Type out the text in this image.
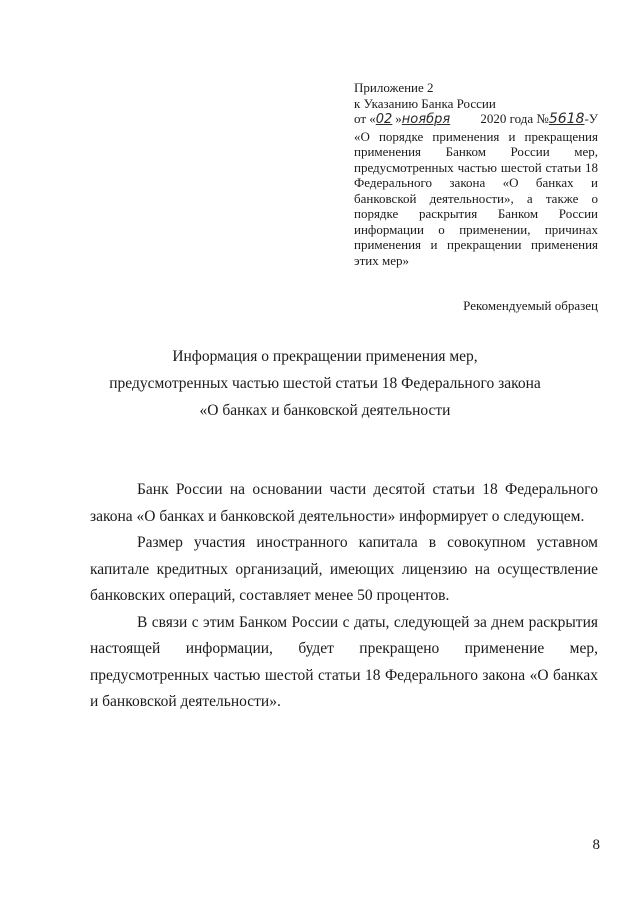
Приложение 2
к Указанию Банка России
от « 02 » ноября	2020 года № 5618 -У
«О порядке применения и прекращения применения Банком России мер, предусмотренных частью шестой статьи 18 Федерального закона «О банках и банковской деятельности», а также о порядке раскрытия Банком России информации о применении, причинах применения и прекращении применения этих мер»
Рекомендуемый образец
Информация о прекращении применения мер,
предусмотренных частью шестой статьи 18 Федерального закона
«О банках и банковской деятельности

Банк России на основании части десятой статьи 18 Федерального закона «О банках и банковской деятельности» информирует о следующем.

Размер участия иностранного капитала в совокупном уставном капитале кредитных организаций, имеющих лицензию на осуществление банковских операций, составляет менее 50 процентов.

В связи с этим Банком России с даты, следующей за днем раскрытия настоящей информации, будет прекращено применение мер, предусмотренных частью шестой статьи 18 Федерального закона «О банках и банковской деятельности».

8
